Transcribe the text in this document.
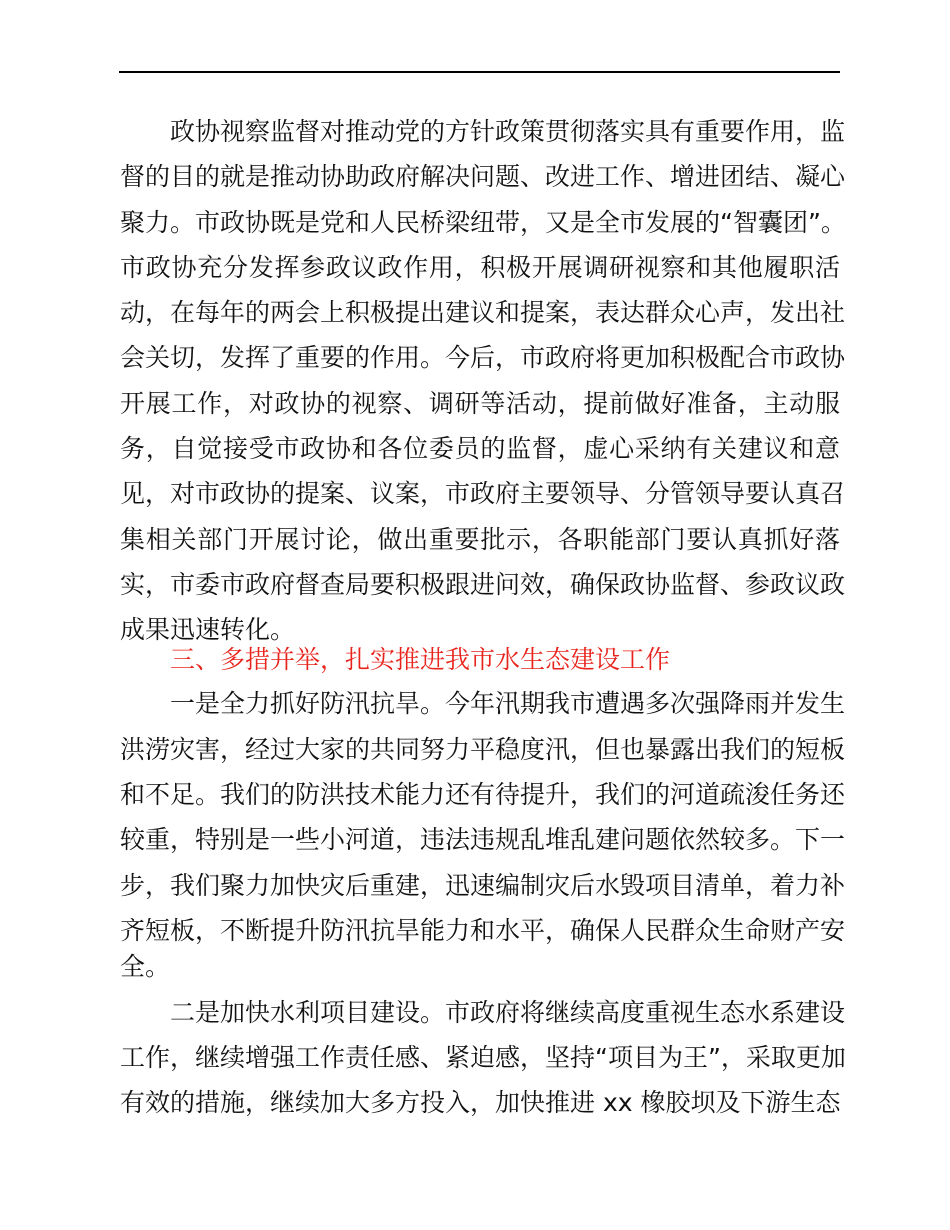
政协视察监督对推动党的方针政策贯彻落实具有重要作用，监
督的目的就是推动协助政府解决问题、改进工作、增进团结、凝心
聚力。市政协既是党和人民桥梁纽带，又是全市发展的“智囊团”。
市政协充分发挥参政议政作用，积极开展调研视察和其他履职活
动，在每年的两会上积极提出建议和提案，表达群众心声，发出社
会关切，发挥了重要的作用。今后，市政府将更加积极配合市政协
开展工作，对政协的视察、调研等活动，提前做好准备，主动服
务，自觉接受市政协和各位委员的监督，虚心采纳有关建议和意
见，对市政协的提案、议案，市政府主要领导、分管领导要认真召
集相关部门开展讨论，做出重要批示，各职能部门要认真抓好落
实，市委市政府督查局要积极跟进问效，确保政协监督、参政议政
成果迅速转化。
三、多措并举，扎实推进我市水生态建设工作
一是全力抓好防汛抗旱。今年汛期我市遭遇多次强降雨并发生
洪涝灾害，经过大家的共同努力平稳度汛，但也暴露出我们的短板
和不足。我们的防洪技术能力还有待提升，我们的河道疏浚任务还
较重，特别是一些小河道，违法违规乱堆乱建问题依然较多。下一
步，我们聚力加快灾后重建，迅速编制灾后水毁项目清单，着力补
齐短板，不断提升防汛抗旱能力和水平，确保人民群众生命财产安
全。
二是加快水利项目建设。市政府将继续高度重视生态水系建设
工作，继续增强工作责任感、紧迫感，坚持“项目为王”，采取更加
有效的措施，继续加大多方投入，加快推进 xx 橡胶坝及下游生态
